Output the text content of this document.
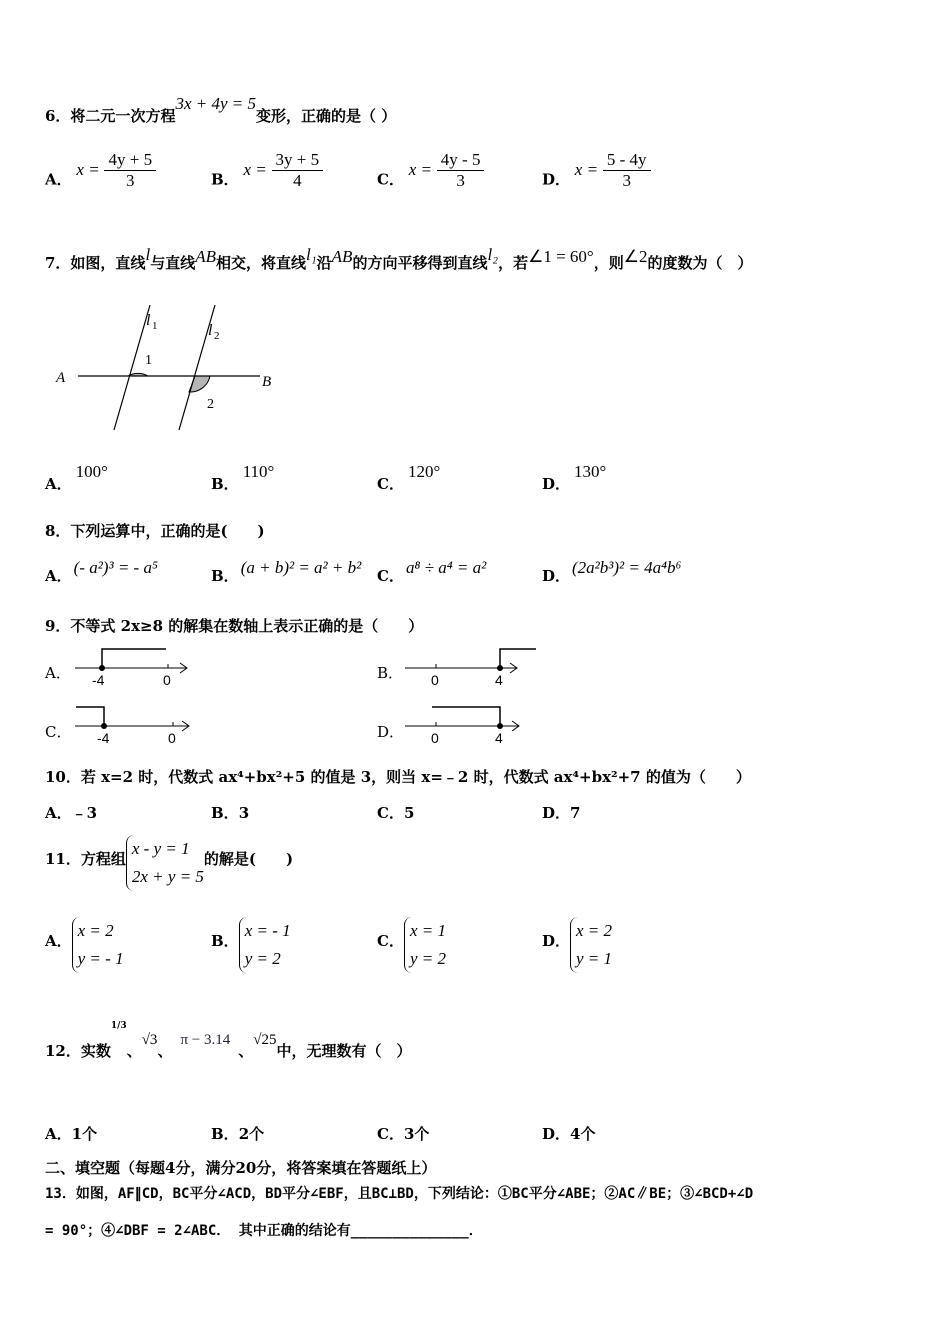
6．将二元一次方程3x + 4y = 5变形，正确的是（ ）
A． $x = \frac{4y + 5}{3}$	B． $x = \frac{3y + 5}{4}$	C． $x = \frac{4y - 5}{3}$	D． $x = \frac{5 - 4y}{3}$
7．如图，直线l与直线AB相交，将直线l₁沿AB的方向平移得到直线l₂，若∠1 = 60°，则∠2的度数为（　）
A	B
l 1	l 2
1
2
A．100°
B．110°
C．120°
D．130°
8．下列运算中，正确的是(　　)
A． (- a²)³ = - a⁵	B． (a + b)² = a² + b² C． a⁸ ÷ a⁴ = a²	D． (2a²b³)² = 4a⁴b⁶
9．不等式 2x≥8 的解集在数轴上表示正确的是（　　）
A． -4	0	B． 0	4
C． -4	0	D． 0	4
10．若 x=2 时，代数式 ax⁴+bx²+5 的值是 3，则当 x=﹣2 时，代数式 ax⁴+bx²+7 的值为（　　）
A．﹣3	B．3	C．5	D．7
11．方程组
x - y = 1
2x + y = 5
的解是(　　)
A．
x = 2
y = - 1
B．
x = - 1
y = 2
C．
x = 1
y = 2
D．
x = 2
y = 1
12．实数$^{1/3}$、√3、π − 3.14、√25中，无理数有（　）
A．1个	B．2个	C．3个	D．4个
二、填空题（每题4分，满分20分，将答案填在答题纸上）
13．如图，AF∥CD，BC平分∠ACD，BD平分∠EBF，且BC⊥BD，下列结论：①BC平分∠ABE；②AC∥BE；③∠BCD+∠D
= 90°；④∠DBF = 2∠ABC． 其中正确的结论有______________．
